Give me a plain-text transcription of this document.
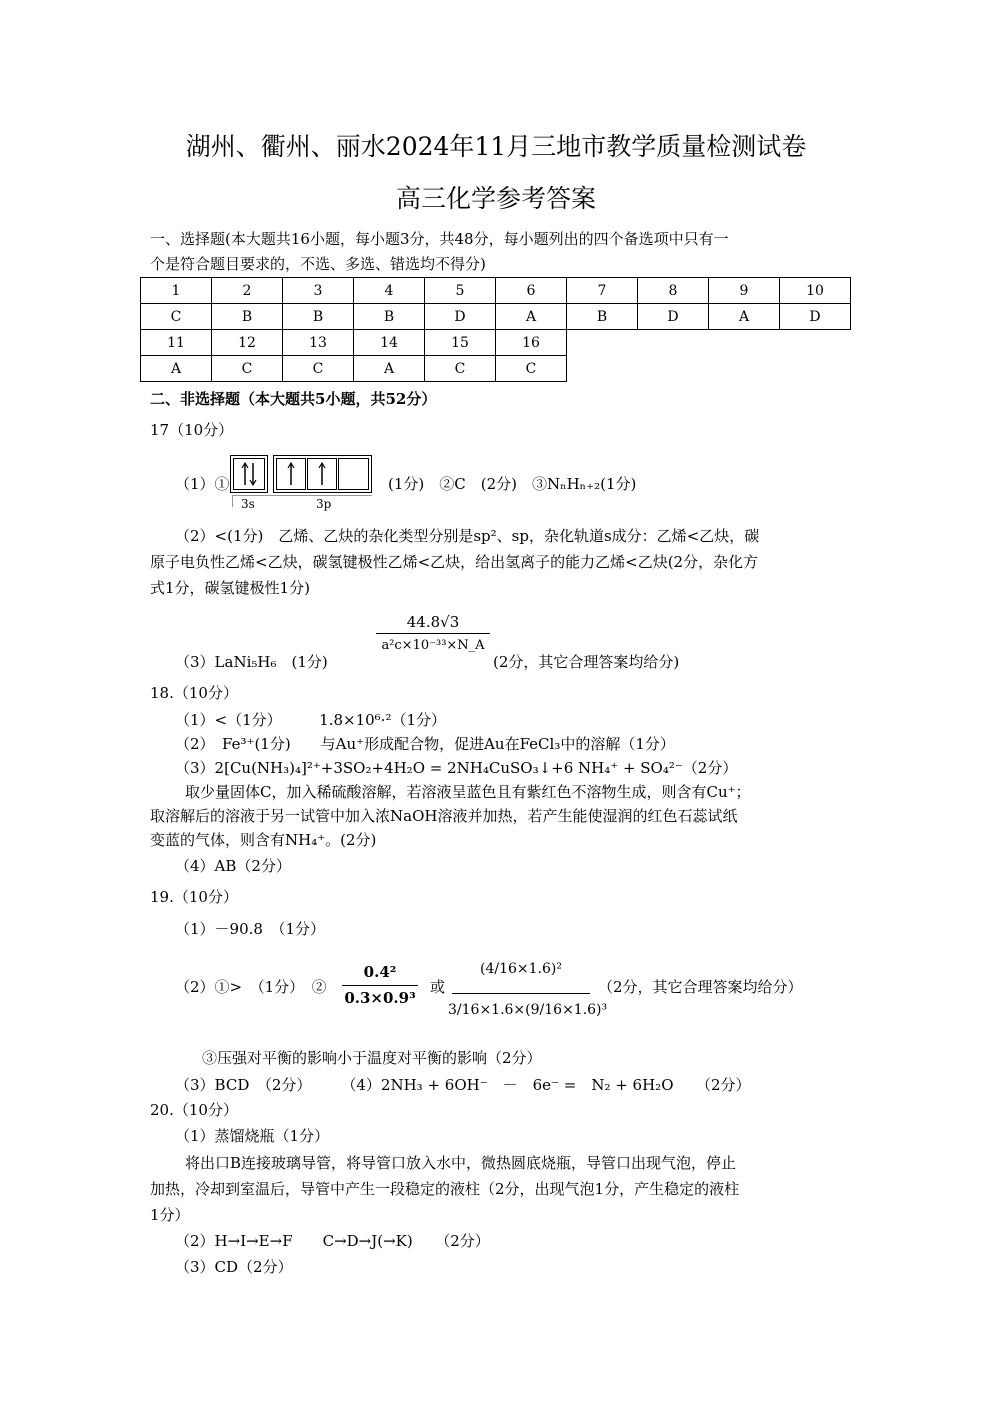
湖州、衢州、丽水2024年11月三地市教学质量检测试卷
高三化学参考答案
一、选择题(本大题共16小题，每小题3分，共48分，每小题列出的四个备选项中只有一
个是符合题目要求的，不选、多选、错选均不得分)
1	2	3	4	5	6	7	8	9	10
C	B	B	B	D	A	B	D	A	D
11	12	13	14	15	16				
A	C	C	A	C	C				
二、非选择题（本大题共5小题，共52分）
17（10分）
（1）①
3s	3p
(1分)　②C　(2分)　③NₙHₙ₊₂(1分)
（2）<(1分)　乙烯、乙炔的杂化类型分别是sp²、sp，杂化轨道s成分：乙烯<乙炔，碳
原子电负性乙烯<乙炔，碳氢键极性乙烯<乙炔，给出氢离子的能力乙烯<乙炔(2分，杂化方
式1分，碳氢键极性1分)
（3）LaNi₅H₆　(1分)
44.8√3
a²c×10⁻³³×N_A
(2分，其它合理答案均给分)
18.（10分）
（1）<（1分）　　　1.8×10⁶·²（1分）
（2）　Fe³⁺(1分)　　与Au⁺形成配合物，促进Au在FeCl₃中的溶解（1分）
（3）2[Cu(NH₃)₄]²⁺+3SO₂+4H₂O = 2NH₄CuSO₃↓+6 NH₄⁺ + SO₄²⁻（2分）
取少量固体C，加入稀硫酸溶解，若溶液呈蓝色且有紫红色不溶物生成，则含有Cu⁺；
取溶解后的溶液于另一试管中加入浓NaOH溶液并加热，若产生能使湿润的红色石蕊试纸
变蓝的气体，则含有NH₄⁺。(2分)
（4）AB（2分）
19.（10分）
（1）－90.8　（1分）
（2）①>　（1分）　②
0.4²
0.3×0.9³
或
(4/16×1.6)²
3/16×1.6×(9/16×1.6)³
（2分，其它合理答案均给分）
③压强对平衡的影响小于温度对平衡的影响（2分）
（3）BCD　（2分）　　　（4）2NH₃ + 6OH⁻　－　6e⁻ =　N₂ + 6H₂O　　（2分）
20.（10分）
（1）蒸馏烧瓶（1分）
将出口B连接玻璃导管，将导管口放入水中，微热圆底烧瓶，导管口出现气泡，停止
加热，冷却到室温后，导管中产生一段稳定的液柱（2分，出现气泡1分，产生稳定的液柱
1分）
（2）H→I→E→F　　C→D→J(→K)　　（2分）
（3）CD（2分）
